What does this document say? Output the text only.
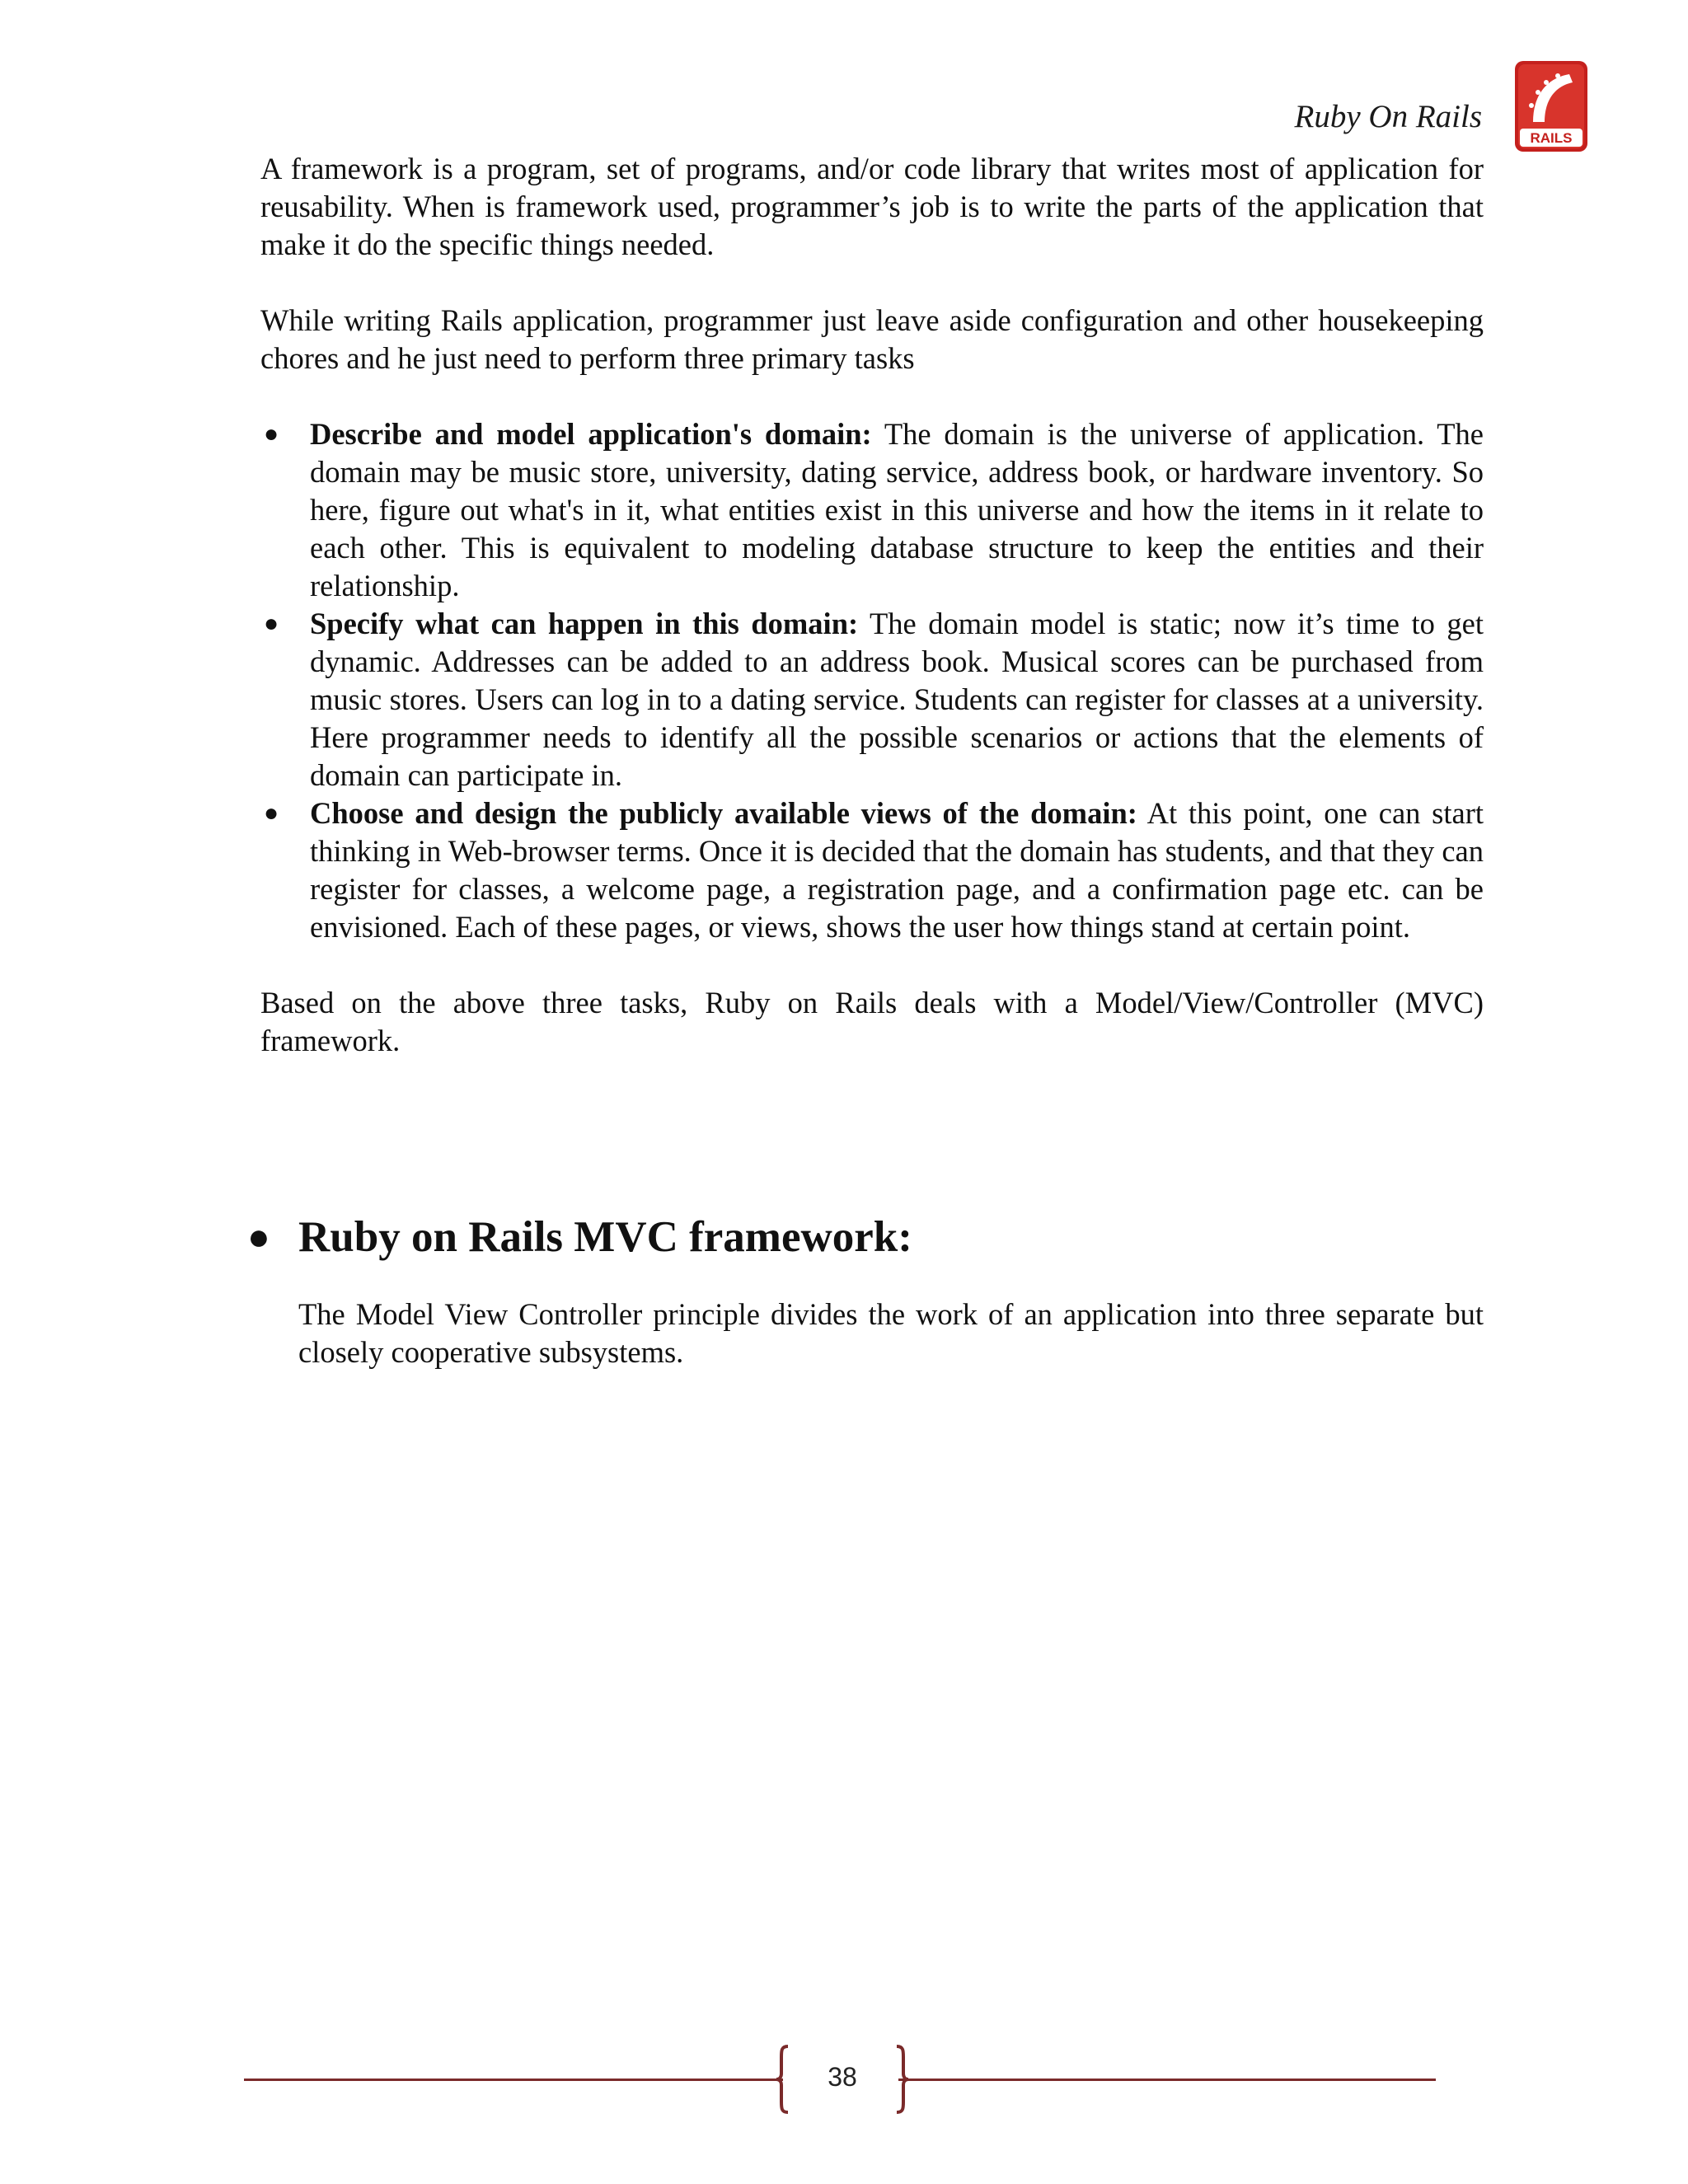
Ruby On Rails
RAILS

A framework is a program, set of programs, and/or code library that writes most of application for reusability. When is framework used, programmer’s job is to write the parts of the application that make it do the specific things needed.

While writing Rails application, programmer just leave aside configuration and other housekeeping chores and he just need to perform three primary tasks

● Describe and model application's domain: The domain is the universe of application. The domain may be music store, university, dating service, address book, or hardware inventory. So here, figure out what's in it, what entities exist in this universe and how the items in it relate to each other. This is equivalent to modeling database structure to keep the entities and their relationship.
● Specify what can happen in this domain: The domain model is static; now it’s time to get dynamic. Addresses can be added to an address book. Musical scores can be purchased from music stores. Users can log in to a dating service. Students can register for classes at a university. Here programmer needs to identify all the possible scenarios or actions that the elements of domain can participate in.
● Choose and design the publicly available views of the domain: At this point, one can start thinking in Web-browser terms. Once it is decided that the domain has students, and that they can register for classes, a welcome page, a registration page, and a confirmation page etc. can be envisioned. Each of these pages, or views, shows the user how things stand at certain point.

Based on the above three tasks, Ruby on Rails deals with a Model/View/Controller (MVC) framework.

● Ruby on Rails MVC framework:

The Model View Controller principle divides the work of an application into three separate but closely cooperative subsystems.

38
